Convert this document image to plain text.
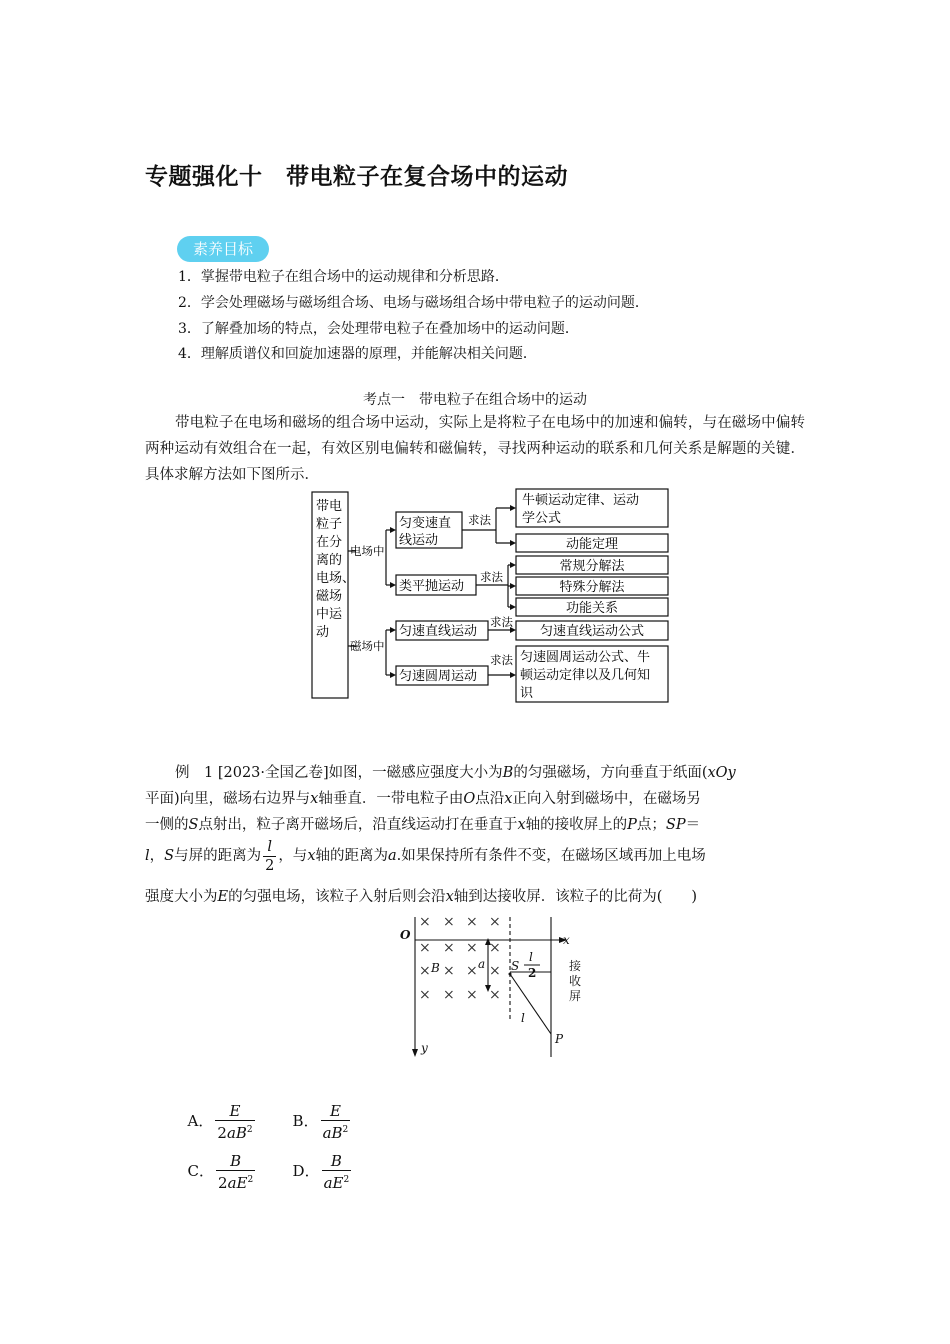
专题强化十　带电粒子在复合场中的运动
素养目标
1．掌握带电粒子在组合场中的运动规律和分析思路．
2．学会处理磁场与磁场组合场、电场与磁场组合场中带电粒子的运动问题．
3．了解叠加场的特点，会处理带电粒子在叠加场中的运动问题．
4．理解质谱仪和回旋加速器的原理，并能解决相关问题．
考点一　带电粒子在组合场中的运动
带电粒子在电场和磁场的组合场中运动，实际上是将粒子在电场中的加速和偏转，与在磁场中偏转两种运动有效组合在一起，有效区别电偏转和磁偏转，寻找两种运动的联系和几何关系是解题的关键．具体求解方法如下图所示．
带电
粒子
在分
离的
电场、
磁场
中运
动
电场中
磁场中
求法
求法
求法
求法
匀变速直
线运动
类平抛运动
匀速直线运动
匀速圆周运动
牛顿运动定律、运动
学公式
动能定理
常规分解法
特殊分解法
功能关系
匀速直线运动公式
匀速圆周运动公式、牛
顿运动定律以及几何知
识
例　1 [2023·全国乙卷]如图，一磁感应强度大小为B的匀强磁场，方向垂直于纸面(xOy
平面)向里，磁场右边界与x轴垂直．一带电粒子由O点沿x正向入射到磁场中，在磁场另
一侧的S点射出，粒子离开磁场后，沿直线运动打在垂直于x轴的接收屏上的P点；SP＝
l，S与屏的距离为 $\frac{l}{2}$ ，与x轴的距离为a.如果保持所有条件不变，在磁场区域再加上电场
强度大小为E的匀强电场，该粒子入射后则会沿x轴到达接收屏．该粒子的比荷为(　　)
× × × ×
× × × ×
× × × ×
× × × ×
O	x
y
B	a S
l
l
P
2	接
收
屏

A． $\frac{E}{2aB^2}$	B． $\frac{E}{aB^2}$

C． $\frac{B}{2aE^2}$	D． $\frac{B}{aE^2}$
